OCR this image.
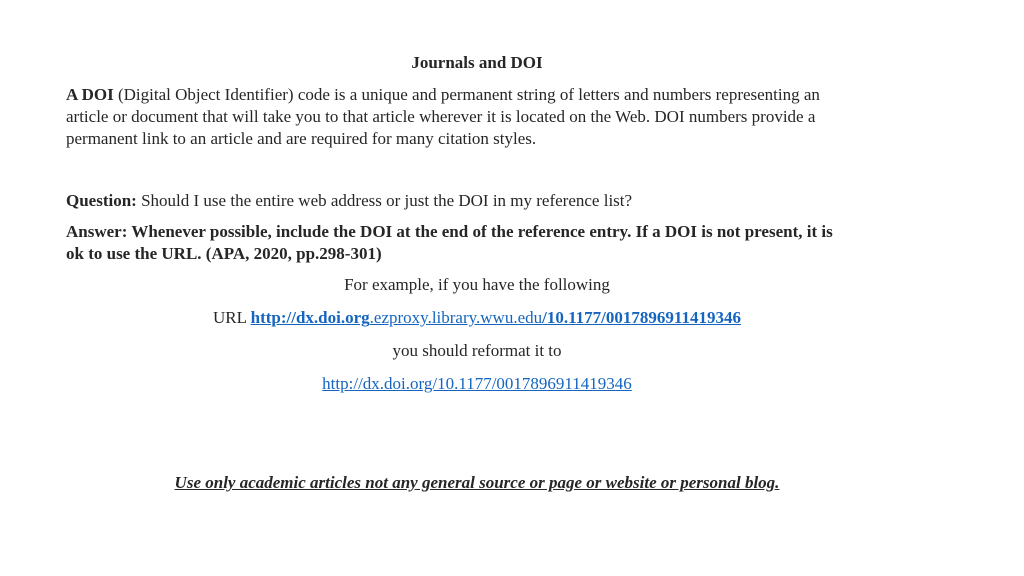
Journals and DOI
A DOI (Digital Object Identifier) code is a unique and permanent string of letters and numbers representing an article or document that will take you to that article wherever it is located on the Web. DOI numbers provide a permanent link to an article and are required for many citation styles.
Question: Should I use the entire web address or just the DOI in my reference list?
Answer: Whenever possible, include the DOI at the end of the reference entry. If a DOI is not present, it is ok to use the URL. (APA, 2020, pp.298-301)
For example, if you have the following
URL http://dx.doi.org.ezproxy.library.wwu.edu/10.1177/0017896911419346
you should reformat it to
http://dx.doi.org/10.1177/0017896911419346
Use only academic articles not any general source or page or website or personal blog.
